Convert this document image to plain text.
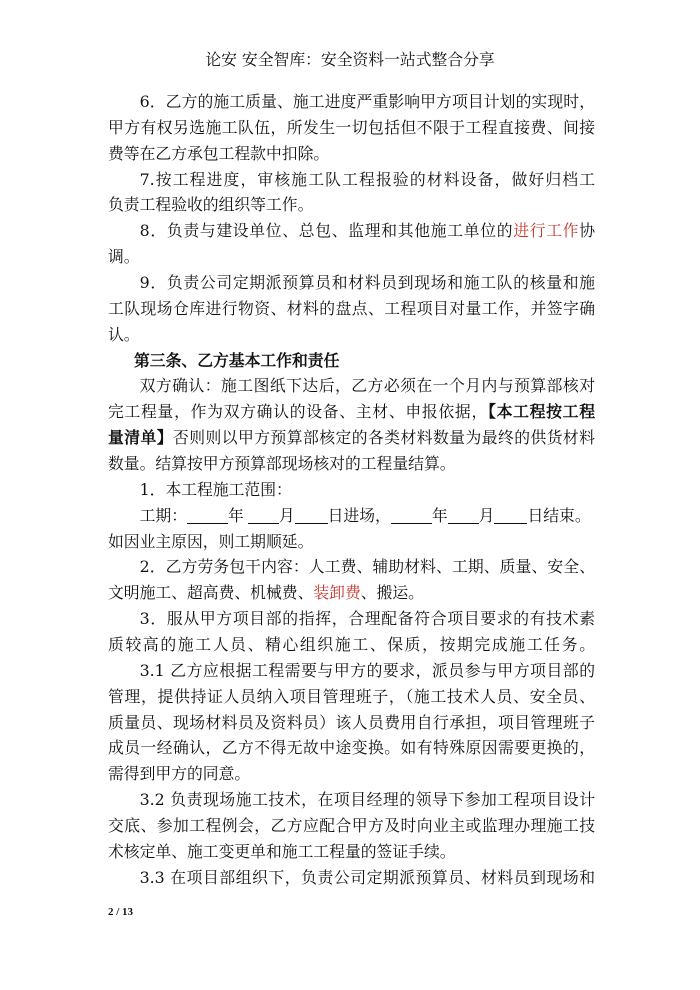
论安 安全智库：安全资料一站式整合分享
6．乙方的施工质量、施工进度严重影响甲方项目计划的实现时，
甲方有权另选施工队伍，所发生一切包括但不限于工程直接费、间接
费等在乙方承包工程款中扣除。
7.按工程进度，审核施工队工程报验的材料设备，做好归档工
负责工程验收的组织等工作。
8．负责与建设单位、总包、监理和其他施工单位的进行工作协
调。
9．负责公司定期派预算员和材料员到现场和施工队的核量和施
工队现场仓库进行物资、材料的盘点、工程项目对量工作，并签字确
认。
第三条、乙方基本工作和责任
双方确认：施工图纸下达后，乙方必须在一个月内与预算部核对
完工程量，作为双方确认的设备、主材、申报依据，【本工程按工程
量清单】否则则以甲方预算部核定的各类材料数量为最终的供货材料
数量。结算按甲方预算部现场核对的工程量结算。
1．本工程施工范围：
工期：	年 月 日进场，	年 月 日结束。
如因业主原因，则工期顺延。
2．乙方劳务包干内容：人工费、辅助材料、工期、质量、安全、
文明施工、超高费、机械费、装卸费、搬运。
3．服从甲方项目部的指挥，合理配备符合项目要求的有技术素
质较高的施工人员、精心组织施工、保质，按期完成施工任务。
3.1 乙方应根据工程需要与甲方的要求，派员参与甲方项目部的
管理，提供持证人员纳入项目管理班子，（施工技术人员、安全员、
质量员、现场材料员及资料员）该人员费用自行承担，项目管理班子
成员一经确认，乙方不得无故中途变换。如有特殊原因需要更换的，
需得到甲方的同意。
3.2 负责现场施工技术，在项目经理的领导下参加工程项目设计
交底、参加工程例会，乙方应配合甲方及时向业主或监理办理施工技
术核定单、施工变更单和施工工程量的签证手续。
3.3 在项目部组织下，负责公司定期派预算员、材料员到现场和
2 / 13
